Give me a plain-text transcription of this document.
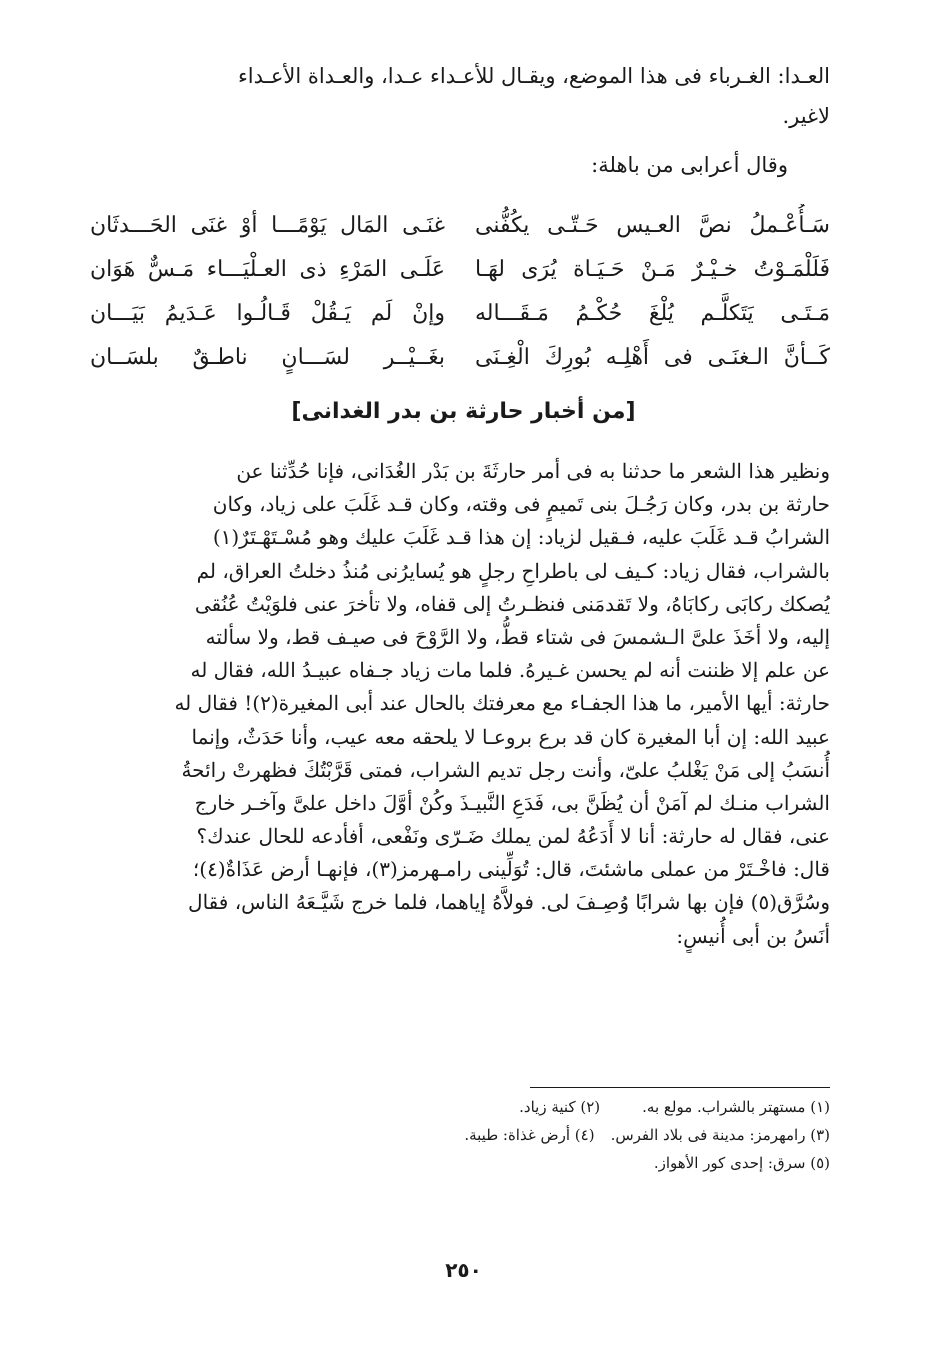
العـدا: الغـرباء فى هذا الموضع، ويقـال للأعـداء عـدا، والعـداة الأعـداء
لاغير.
وقال أعرابى من باهلة:
سَـأُعْـملُ نصَّ العـيس حَـتّـى يكُفُّنى
غنَـى المَال يَوْمًـــا أوْ غنَى الحَـــدثَان
فَلَلْمَـوْتُ خـيْـرٌ مَـنْ حَـيَـاة يُرَى لهَـا
عَلَـى المَرْءِ ذى العـلْيَـــاء مَـسٌّ هَوَان
مَـتَـى يَتَكلَّـم يُلْغَ حُكْـمُ مَـقَـــاله
وإنْ لَم يَـقُلْ قَـالُـوا عَـدَيمُ بَيَـــان
كَــأنَّ الـغنَـى فى أَهْلِـه بُورِكَ الْغِـنَى
بغَــيْــر لسَـــانٍ ناطـقٌ بلسَــان
[من أخبار حارثة بن بدر الغدانى]
ونظير هذا الشعر ما حدثنا به فى أمر حارثَةَ بن بَدْر الغُدَانى، فإنا حُدِّثنا عن
حارثة بن بدر، وكان رَجُـلَ بنى تَميمٍ فى وقته، وكان قـد غَلَبَ على زياد، وكان
الشرابُ قـد غَلَبَ عليه، فـقيل لزياد: إن هذا قـد غَلَبَ عليك وهو مُسْـتَهْـتَرٌ(١)
بالشراب، فقال زياد: كـيف لى باطراحِ رجلٍ هو يُسايرُنى مُنذُ دخلتُ العراق، لم
يُصكك ركابَى ركابَاهُ، ولا تَقدمَنى فنظـرتُ إلى قفاه، ولا تأخرَ عنى فلوَيْتُ عُنُقى
إليه، ولا أخَذَ علىَّ الـشمسَ فى شتاء قطُّ، ولا الرَّوْحَ فى صيـف قط، ولا سألته
عن علم إلا ظننت أنه لم يحسن غـيرهُ. فلما مات زياد جـفاه عبيـدُ الله، فقال له
حارثة: أيها الأمير، ما هذا الجفـاء مع معرفتك بالحال عند أبى المغيرة(٢)! فقال له
عبيد الله: إن أبا المغيرة كان قد برع بروعـا لا يلحقه معه عيب، وأنا حَدَثٌ، وإنما
أُنسَبُ إلى مَنْ يَغْلبُ علىّ، وأنت رجل تديم الشراب، فمتى قَرَّبْتُكَ فظهرتْ رائحةُ
الشراب منـك لم آمَنْ أن يُظَنَّ بى، فَدَعِ النَّبيـذَ وكُنْ أوَّلَ داخل علىَّ وآخـر خارج
عنى، فقال له حارثة: أنا لا أَدَعُهُ لمن يملك ضَـرّى ونَفْعى، أفأدعه للحال عندك؟
قال: فاخْـتَرْ من عملى ماشئتَ، قال: تُوَلِّينى رامـهرمز(٣)، فإنهـا أرض عَذَاةٌ(٤)؛
وسُرَّق(٥) فإن بها شرابًا وُصِـفَ لى. فولاَّهُ إياهما، فلما خرج شَيَّـعَهُ الناس، فقال
أنَسُ بن أبى أُنيسٍ:
(١) مستهتر بالشراب. مولع به.(٢) كنية زياد.
(٣) رامهرمز: مدينة فى بلاد الفرس.(٤) أرض غذاة: طيبة.
(٥) سرق: إحدى كور الأهواز.
٢٥٠
